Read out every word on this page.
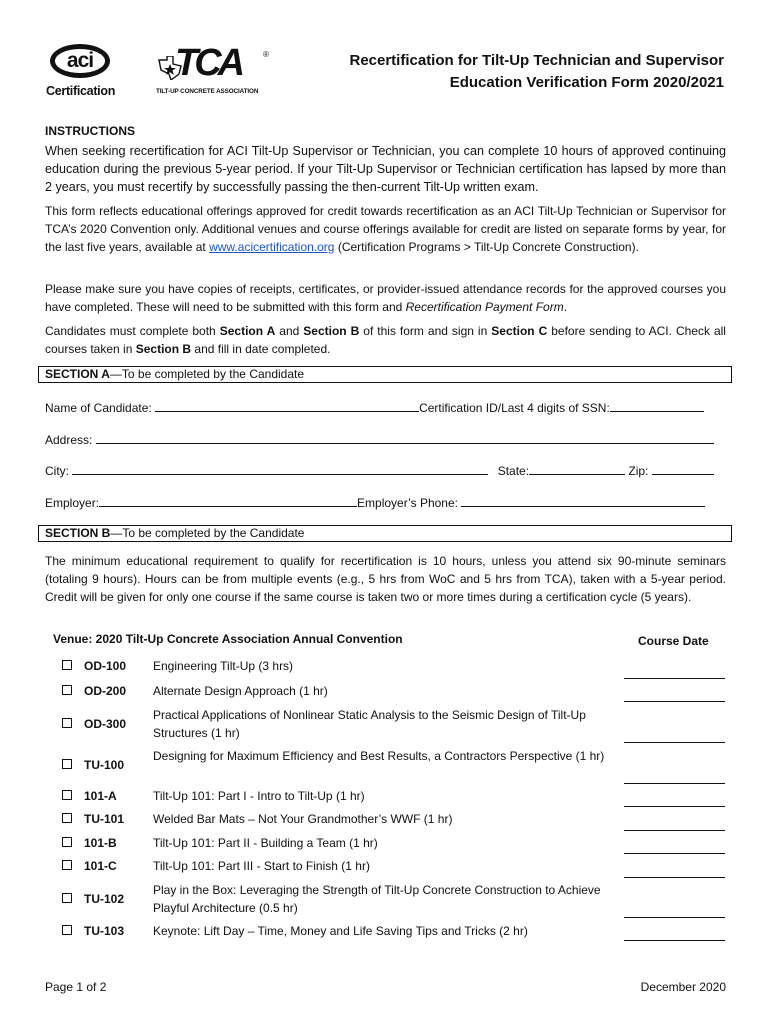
aci
Certification
TCA	®
TILT-UP CONCRETE ASSOCIATION
Recertification for Tilt-Up Technician and Supervisor
Education Verification Form 2020/2021
INSTRUCTIONS
When seeking recertification for ACI Tilt-Up Supervisor or Technician, you can complete 10 hours of approved continuing education during the previous 5-year period. If your Tilt-Up Supervisor or Technician certification has lapsed by more than 2 years, you must recertify by successfully passing the then-current Tilt-Up written exam.
This form reflects educational offerings approved for credit towards recertification as an ACI Tilt-Up Technician or Supervisor for TCA’s 2020 Convention only. Additional venues and course offerings available for credit are listed on separate forms by year, for the last five years, available at www.acicertification.org (Certification Programs > Tilt-Up Concrete Construction).
Please make sure you have copies of receipts, certificates, or provider-issued attendance records for the approved courses you have completed. These will need to be submitted with this form and Recertification Payment Form.
Candidates must complete both Section A and Section B of this form and sign in Section C before sending to ACI. Check all courses taken in Section B and fill in date completed.
SECTION A—To be completed by the Candidate
Name of Candidate:	Certification ID/Last 4 digits of SSN:
Address:
City:	State:	Zip:
Employer:	Employer’s Phone:
SECTION B—To be completed by the Candidate
The minimum educational requirement to qualify for recertification is 10 hours, unless you attend six 90-minute seminars (totaling 9 hours). Hours can be from multiple events (e.g., 5 hrs from WoC and 5 hrs from TCA), taken with a 5-year period. Credit will be given for only one course if the same course is taken two or more times during a certification cycle (5 years).
Venue: 2020 Tilt-Up Concrete Association Annual Convention	Course Date
OD-100 Engineering Tilt-Up (3 hrs)
OD-200 Alternate Design Approach (1 hr)
OD-300
Practical Applications of Nonlinear Static Analysis to the Seismic Design of Tilt-Up Structures (1 hr)
TU-100
Designing for Maximum Efficiency and Best Results, a Contractors Perspective (1 hr)
101-A	Tilt-Up 101: Part I - Intro to Tilt-Up (1 hr)
TU-101 Welded Bar Mats – Not Your Grandmother’s WWF (1 hr)
101-B	Tilt-Up 101: Part II - Building a Team (1 hr)
101-C	Tilt-Up 101: Part III - Start to Finish (1 hr)
TU-102
Play in the Box: Leveraging the Strength of Tilt-Up Concrete Construction to Achieve Playful Architecture (0.5 hr)
TU-103 Keynote: Lift Day – Time, Money and Life Saving Tips and Tricks (2 hr)
Page 1 of 2	December 2020
